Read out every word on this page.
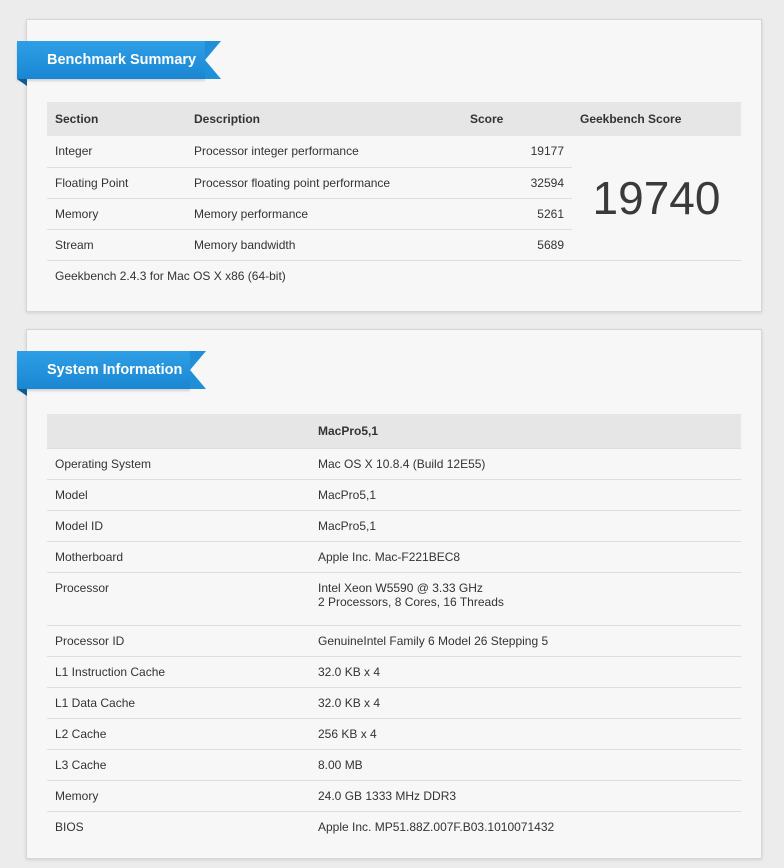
Benchmark Summary
Section	Description	Score	Geekbench Score
Integer	Processor integer performance	19177	19740
Floating Point	Processor floating point performance	32594	
Memory	Memory performance	5261	
Stream	Memory bandwidth	5689	
Geekbench 2.4.3 for Mac OS X x86 (64-bit)			
System Information
	MacPro5,1
Operating System	Mac OS X 10.8.4 (Build 12E55)
Model	MacPro5,1
Model ID	MacPro5,1
Motherboard	Apple Inc. Mac-F221BEC8
Processor	Intel Xeon W5590 @ 3.33 GHz
2 Processors, 8 Cores, 16 Threads

Processor ID	GenuineIntel Family 6 Model 26 Stepping 5
L1 Instruction Cache	32.0 KB x 4
L1 Data Cache	32.0 KB x 4
L2 Cache	256 KB x 4
L3 Cache	8.00 MB
Memory	24.0 GB 1333 MHz DDR3
BIOS	Apple Inc. MP51.88Z.007F.B03.1010071432
